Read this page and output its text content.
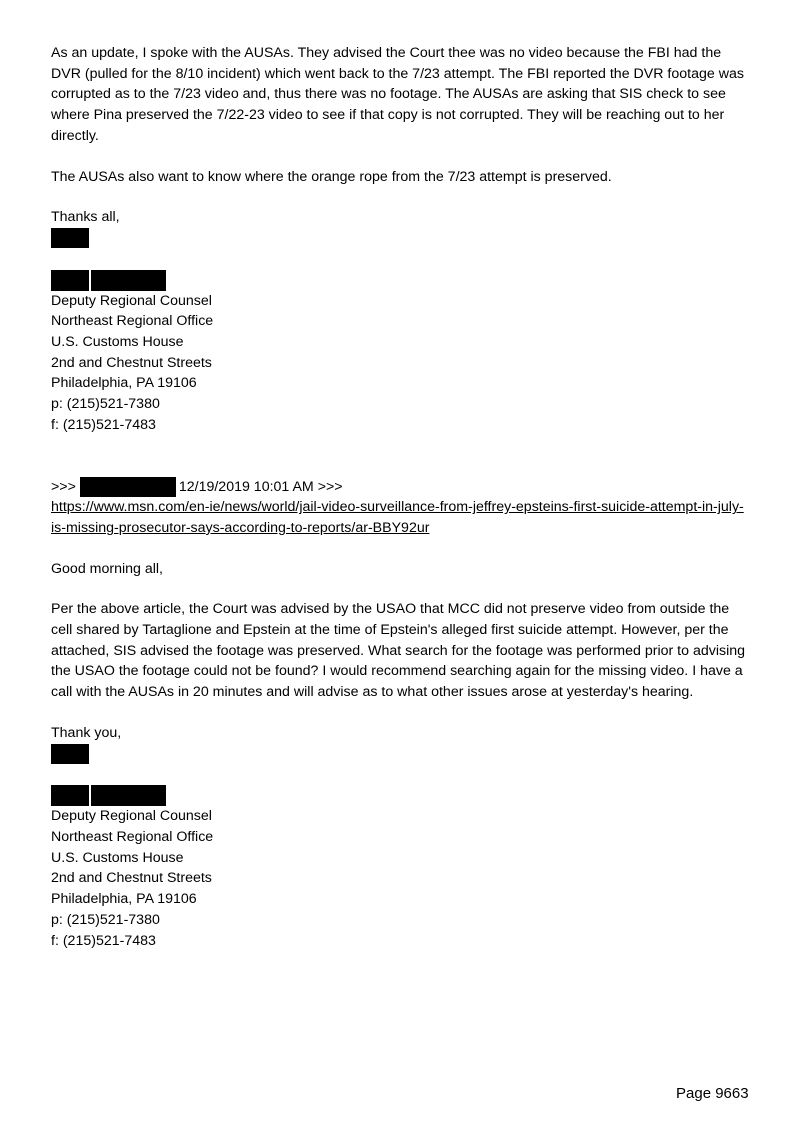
As an update, I spoke with the AUSAs. They advised the Court thee was no video because the FBI had the DVR (pulled for the 8/10 incident) which went back to the 7/23 attempt. The FBI reported the DVR footage was corrupted as to the 7/23 video and, thus there was no footage. The AUSAs are asking that SIS check to see where Pina preserved the 7/22-23 video to see if that copy is not corrupted. They will be reaching out to her directly.

The AUSAs also want to know where the orange rope from the 7/23 attempt is preserved.

Thanks all,

Deputy Regional Counsel

Northeast Regional Office

U.S. Customs House

2nd and Chestnut Streets

Philadelphia, PA 19106

p: (215)521-7380

f: (215)521-7483

>>>	12/19/2019 10:01 AM >>>

https://www.msn.com/en-ie/news/world/jail-video-surveillance-from-jeffrey-epsteins-first-suicide-attempt-in-july-is-missing-prosecutor-says-according-to-reports/ar-BBY92ur

Good morning all,

Per the above article, the Court was advised by the USAO that MCC did not preserve video from outside the cell shared by Tartaglione and Epstein at the time of Epstein's alleged first suicide attempt. However, per the attached, SIS advised the footage was preserved. What search for the footage was performed prior to advising the USAO the footage could not be found? I would recommend searching again for the missing video. I have a call with the AUSAs in 20 minutes and will advise as to what other issues arose at yesterday's hearing.

Thank you,

Deputy Regional Counsel

Northeast Regional Office

U.S. Customs House

2nd and Chestnut Streets

Philadelphia, PA 19106

p: (215)521-7380

f: (215)521-7483

Page 9663
